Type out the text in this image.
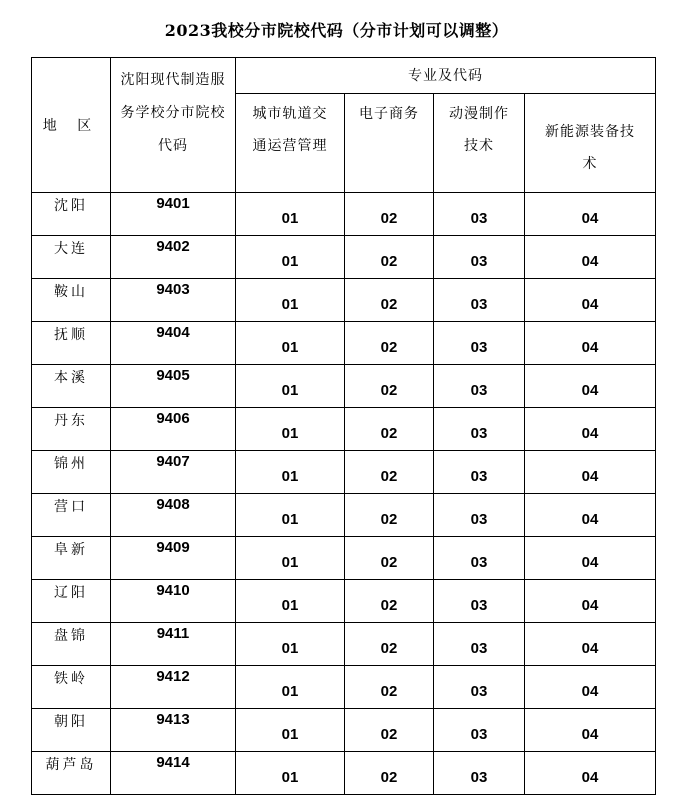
2023我校分市院校代码（分市计划可以调整）
地 区	沈阳现代制造服务学校分市院校代码	专业及代码			
		城市轨道交通运营管理	电子商务	动漫制作技术	新能源装备技术
沈阳	9401	01	02	03	04
大连	9402	01	02	03	04
鞍山	9403	01	02	03	04
抚顺	9404	01	02	03	04
本溪	9405	01	02	03	04
丹东	9406	01	02	03	04
锦州	9407	01	02	03	04
营口	9408	01	02	03	04
阜新	9409	01	02	03	04
辽阳	9410	01	02	03	04
盘锦	9411	01	02	03	04
铁岭	9412	01	02	03	04
朝阳	9413	01	02	03	04
葫芦岛	9414	01	02	03	04
